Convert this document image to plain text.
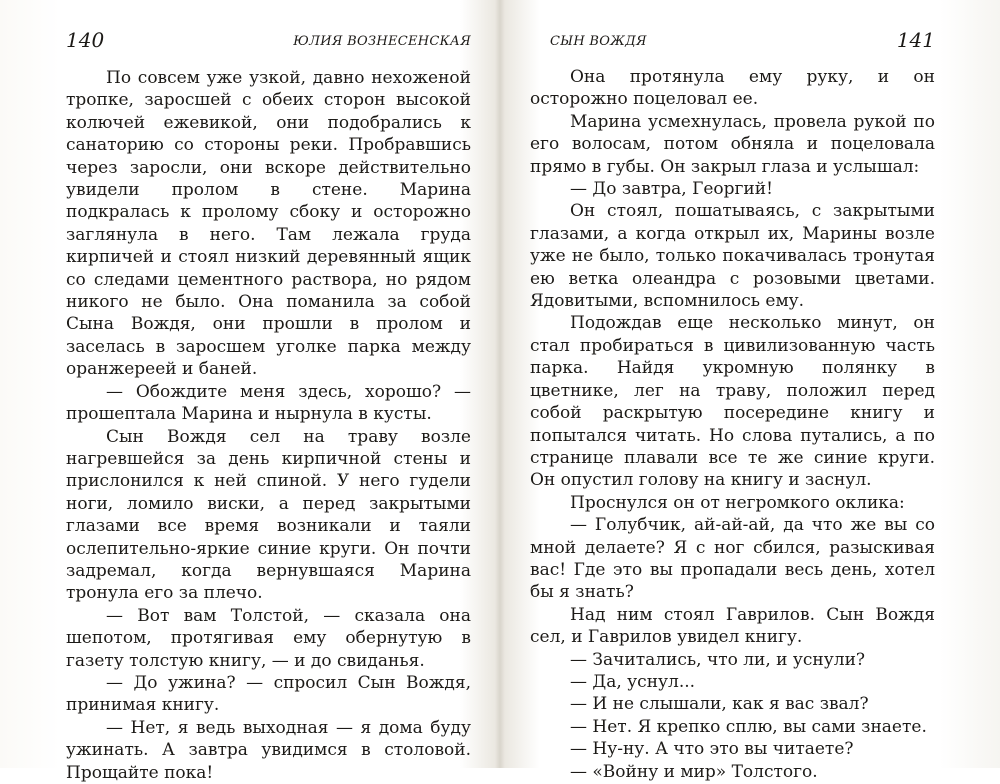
140	ЮЛИЯ ВОЗНЕСЕНСКАЯ

По совсем уже узкой, давно нехоженой тропке, заросшей с обеих сторон высокой колючей ежевикой, они подобрались к санаторию со стороны реки. Пробравшись через заросли, они вскоре действительно увидели пролом в стене. Марина подкралась к пролому сбоку и осторожно заглянула в него. Там лежала груда кирпичей и стоял низкий деревянный ящик со следами цементного раствора, но рядом никого не было. Она поманила за собой Сына Вождя, они прошли в пролом и заселась в заросшем уголке парка между оранжереей и баней.

— Обождите меня здесь, хорошо? — прошептала Марина и нырнула в кусты.

Сын Вождя сел на траву возле нагревшейся за день кирпичной стены и прислонился к ней спиной. У него гудели ноги, ломило виски, а перед закрытыми глазами все время возникали и таяли ослепительно-яркие синие круги. Он почти задремал, когда вернувшаяся Марина тронула его за плечо.

— Вот вам Толстой, — сказала она шепотом, протягивая ему обернутую в газету толстую книгу, — и до свиданья.

— До ужина? — спросил Сын Вождя, принимая книгу.

— Нет, я ведь выходная — я дома буду ужинать. А завтра увидимся в столовой. Прощайте пока!

СЫН ВОЖДЯ	141

Она протянула ему руку, и он осторожно поцеловал ее.

Марина усмехнулась, провела рукой по его волосам, потом обняла и поцеловала прямо в губы. Он закрыл глаза и услышал:

— До завтра, Георгий!

Он стоял, пошатываясь, с закрытыми глазами, а когда открыл их, Марины возле уже не было, только покачивалась тронутая ею ветка олеандра с розовыми цветами. Ядовитыми, вспомнилось ему.

Подождав еще несколько минут, он стал пробираться в цивилизованную часть парка. Найдя укромную полянку в цветнике, лег на траву, положил перед собой раскрытую посередине книгу и попытался читать. Но слова путались, а по странице плавали все те же синие круги. Он опустил голову на книгу и заснул.

Проснулся он от негромкого оклика:

— Голубчик, ай-ай-ай, да что же вы со мной делаете? Я с ног сбился, разыскивая вас! Где это вы пропадали весь день, хотел бы я знать?

Над ним стоял Гаврилов. Сын Вождя сел, и Гаврилов увидел книгу.

— Зачитались, что ли, и уснули?

— Да, уснул...

— И не слышали, как я вас звал?

— Нет. Я крепко сплю, вы сами знаете.

— Ну-ну. А что это вы читаете?

— «Войну и мир» Толстого.
